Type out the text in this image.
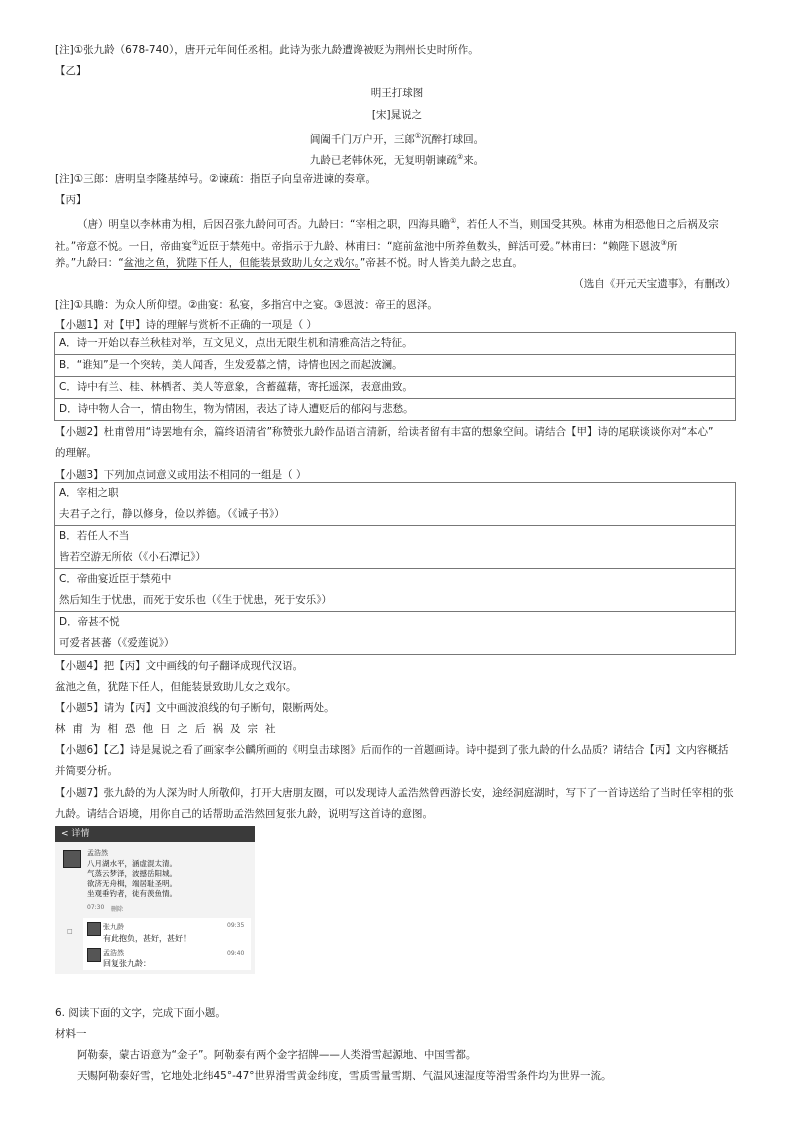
[注]①张九龄（678-740），唐开元年间任丞相。此诗为张九龄遭谗被贬为荆州长史时所作。
【乙】
明王打球图
[宋]晁说之
阊阖千门万户开，三郎①沉醉打球回。
九龄已老韩休死，无复明朝谏疏②来。
[注]①三郎：唐明皇李隆基绰号。②谏疏：指臣子向皇帝进谏的奏章。
【丙】
（唐）明皇以李林甫为相，后因召张九龄问可否。九龄曰：“宰相之职，四海具瞻①，若任人不当，则国受其殃。林甫为相恐他日之后祸及宗
社。”帝意不悦。一日，帝曲宴②近臣于禁苑中。帝指示于九龄、林甫曰：“庭前盆池中所养鱼数头，鲜活可爱。”林甫曰：“赖陛下恩波③所
养。”九龄曰：“盆池之鱼，犹陛下任人，但能装景致助儿女之戏尔。”帝甚不悦。时人皆美九龄之忠直。
（选自《开元天宝遗事》，有删改）
[注]①具瞻：为众人所仰望。②曲宴：私宴，多指宫中之宴。③恩波：帝王的恩泽。
【小题1】对【甲】诗的理解与赏析不正确的一项是（ ）
A．诗一开始以春兰秋桂对举，互文见义，点出无限生机和清雅高洁之特征。
B．“谁知”是一个突转，美人闻香，生发爱慕之情，诗情也因之而起波澜。
C．诗中有兰、桂、林栖者、美人等意象，含蓄蕴藉，寄托遥深，表意曲致。
D．诗中物人合一，情由物生，物为情困，表达了诗人遭贬后的郁闷与悲愁。
【小题2】杜甫曾用“诗罢地有余，篇终语清省”称赞张九龄作品语言清新，给读者留有丰富的想象空间。请结合【甲】诗的尾联谈谈你对“本心”
的理解。
【小题3】下列加点词意义或用法不相同的一组是（ ）
A．宰相之职
夫君子之行，静以修身，俭以养德。（《诫子书》）
B．若任人不当
皆若空游无所依（《小石潭记》）
C．帝曲宴近臣于禁苑中
然后知生于忧患，而死于安乐也（《生于忧患，死于安乐》）
D．帝甚不悦
可爱者甚蕃（《爱莲说》）
【小题4】把【丙】文中画线的句子翻译成现代汉语。
盆池之鱼，犹陛下任人，但能装景致助儿女之戏尔。
【小题5】请为【丙】文中画波浪线的句子断句，限断两处。
林甫为相恐他日之后祸及宗社
【小题6】【乙】诗是晁说之看了画家李公麟所画的《明皇击球图》后而作的一首题画诗。诗中提到了张九龄的什么品质？请结合【丙】文内容概括
并简要分析。
【小题7】张九龄的为人深为时人所敬仰，打开大唐朋友圈，可以发现诗人孟浩然曾西游长安，途经洞庭湖时，写下了一首诗送给了当时任宰相的张
九龄。请结合语境，用你自己的话帮助孟浩然回复张九龄，说明写这首诗的意图。
< 详情
孟浩然
八月湖水平，涵虚混太清。
气蒸云梦泽，波撼岳阳城。
欲济无舟楫，端居耻圣明。
坐观垂钓者，徒有羡鱼情。
07:30 删除
□
张九龄	09:35
有此抱负，甚好，甚好！
孟浩然	09:40
回复张九龄：
6. 阅读下面的文字，完成下面小题。
材料一
阿勒泰，蒙古语意为“金子”。阿勒泰有两个金字招牌——人类滑雪起源地、中国雪都。
天赐阿勒泰好雪，它地处北纬45°-47°世界滑雪黄金纬度，雪质雪量雪期、气温风速湿度等滑雪条件均为世界一流。
